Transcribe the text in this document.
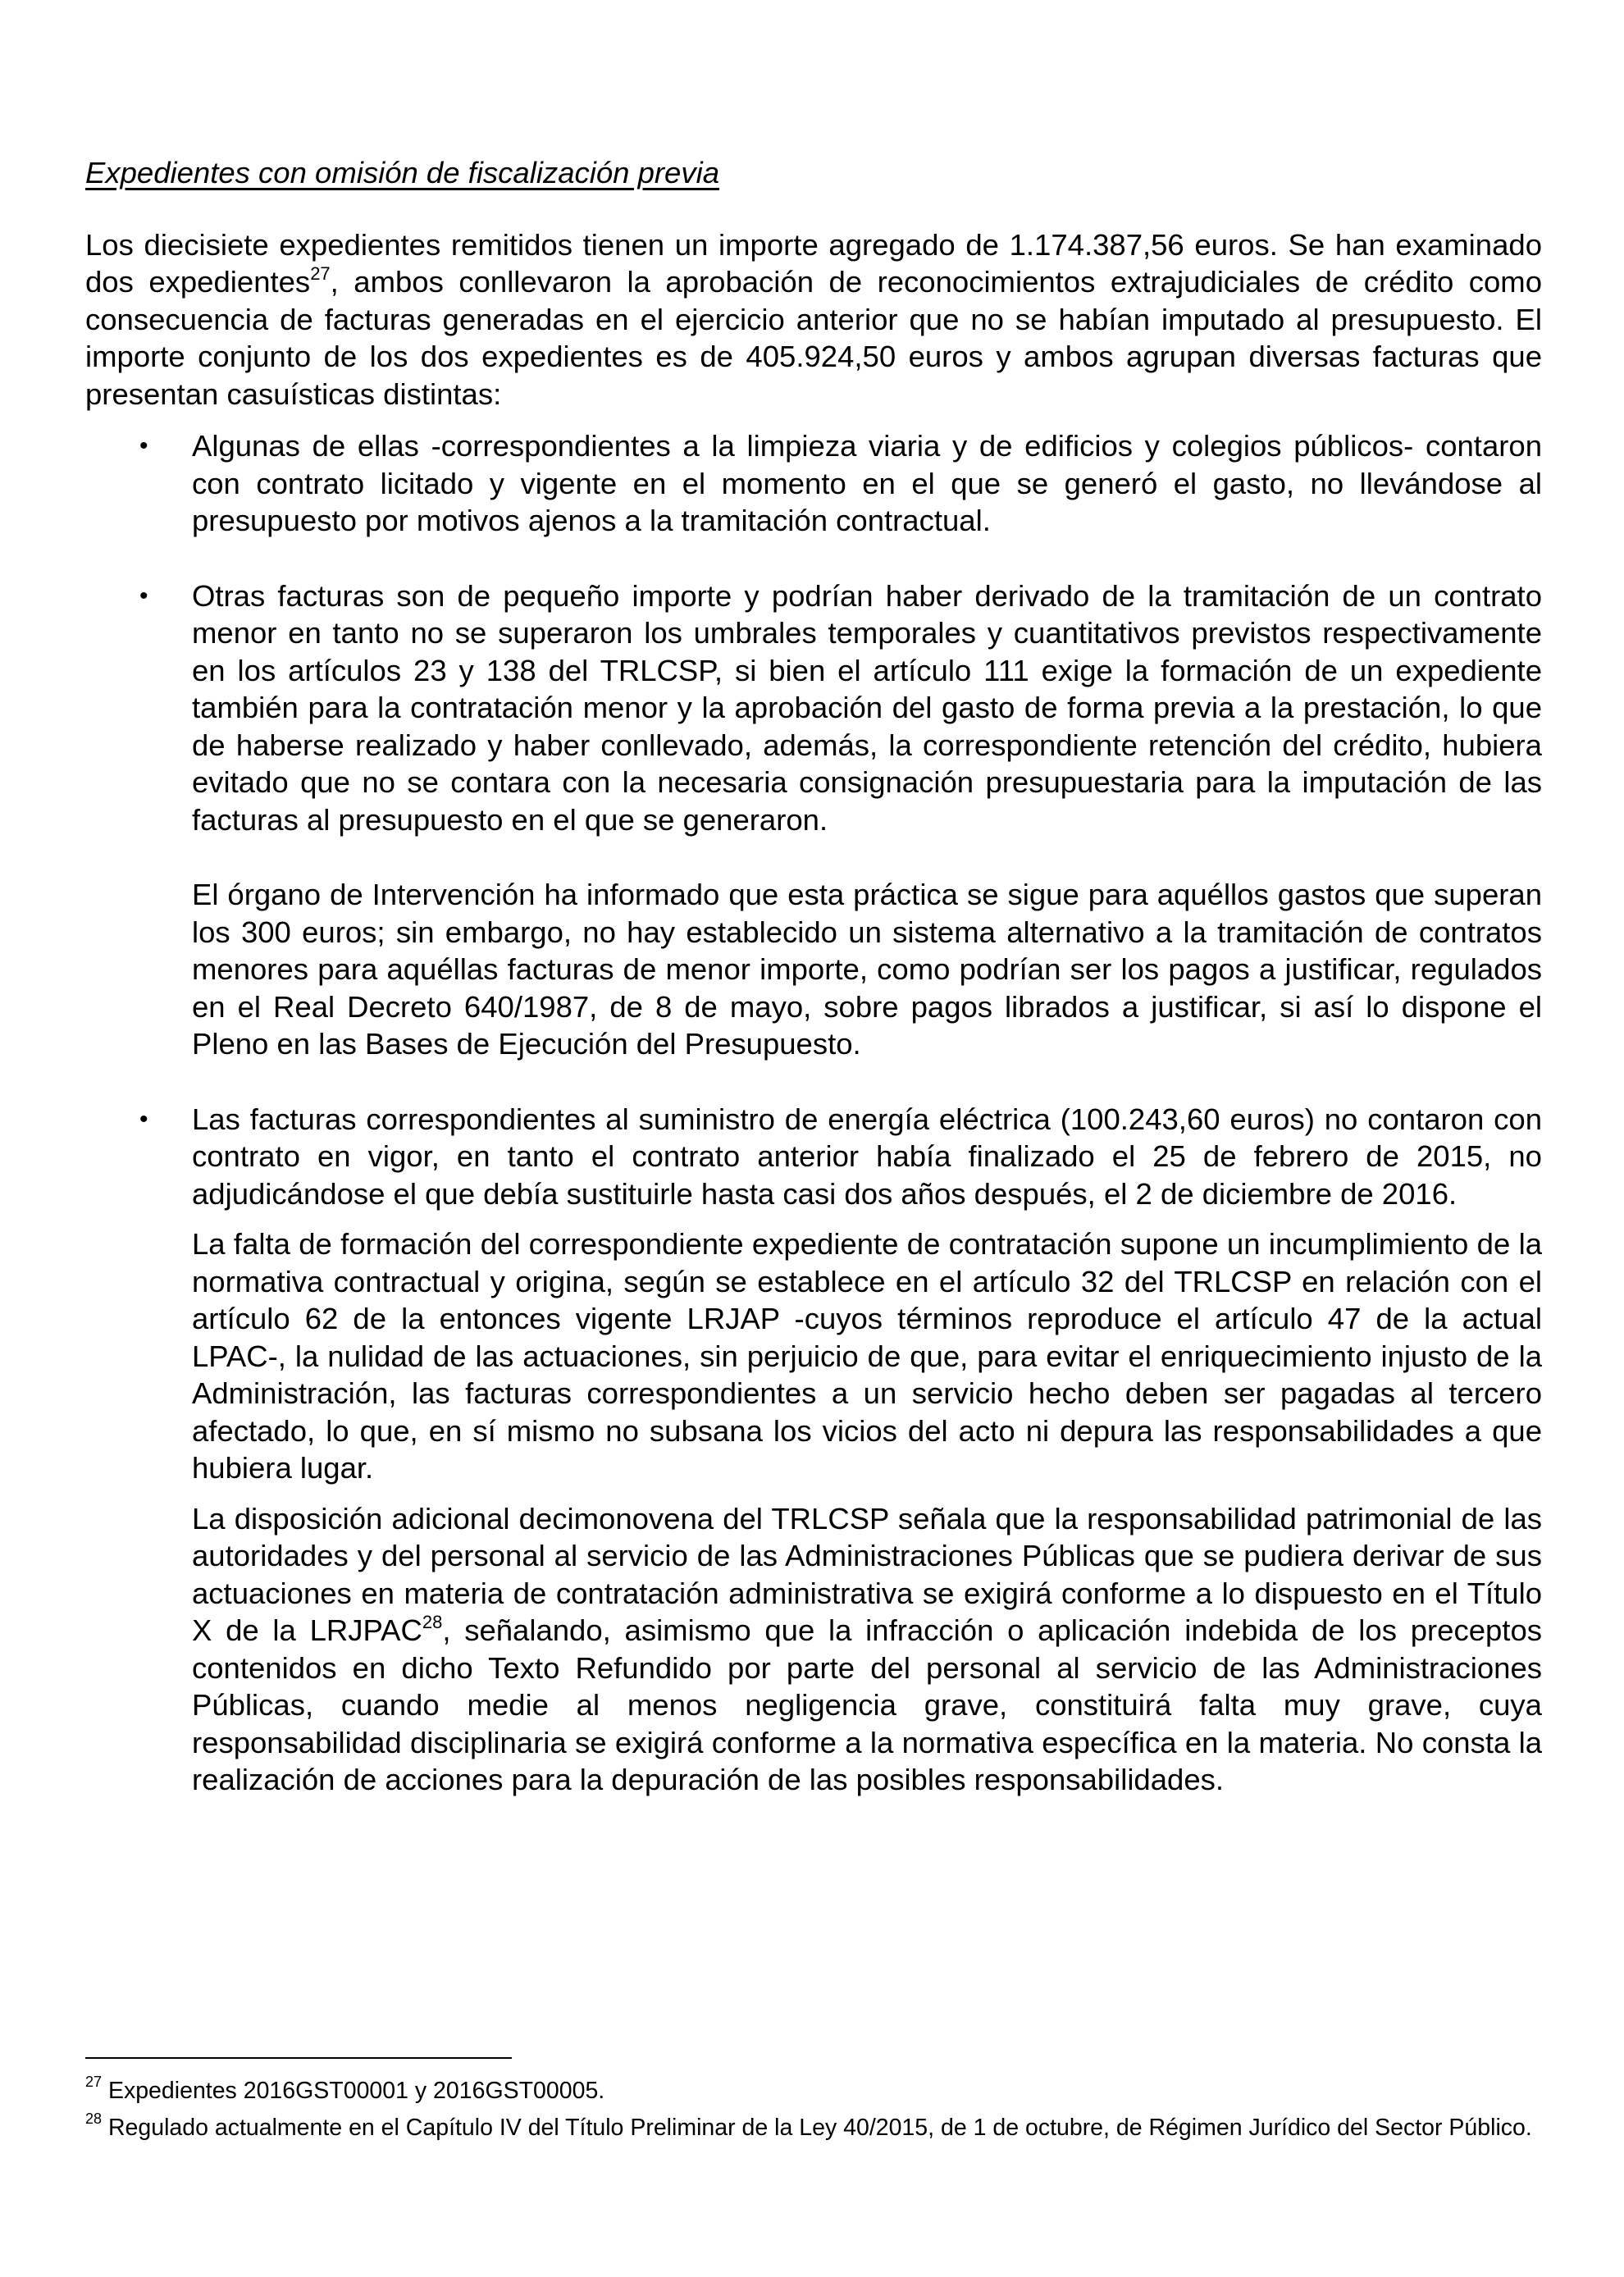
Expedientes con omisión de fiscalización previa

Los diecisiete expedientes remitidos tienen un importe agregado de 1.174.387,56 euros. Se han examinado dos expedientes$^{27}$, ambos conllevaron la aprobación de reconocimientos extrajudiciales de crédito como consecuencia de facturas generadas en el ejercicio anterior que no se habían imputado al presupuesto. El importe conjunto de los dos expedientes es de 405.924,50 euros y ambos agrupan diversas facturas que presentan casuísticas distintas:

• Algunas de ellas -correspondientes a la limpieza viaria y de edificios y colegios públicos- contaron con contrato licitado y vigente en el momento en el que se generó el gasto, no llevándose al presupuesto por motivos ajenos a la tramitación contractual.

• Otras facturas son de pequeño importe y podrían haber derivado de la tramitación de un contrato menor en tanto no se superaron los umbrales temporales y cuantitativos previstos respectivamente en los artículos 23 y 138 del TRLCSP, si bien el artículo 111 exige la formación de un expediente también para la contratación menor y la aprobación del gasto de forma previa a la prestación, lo que de haberse realizado y haber conllevado, además, la correspondiente retención del crédito, hubiera evitado que no se contara con la necesaria consignación presupuestaria para la imputación de las facturas al presupuesto en el que se generaron.

El órgano de Intervención ha informado que esta práctica se sigue para aquéllos gastos que superan los 300 euros; sin embargo, no hay establecido un sistema alternativo a la tramitación de contratos menores para aquéllas facturas de menor importe, como podrían ser los pagos a justificar, regulados en el Real Decreto 640/1987, de 8 de mayo, sobre pagos librados a justificar, si así lo dispone el Pleno en las Bases de Ejecución del Presupuesto.

• Las facturas correspondientes al suministro de energía eléctrica (100.243,60 euros) no contaron con contrato en vigor, en tanto el contrato anterior había finalizado el 25 de febrero de 2015, no adjudicándose el que debía sustituirle hasta casi dos años después, el 2 de diciembre de 2016.

La falta de formación del correspondiente expediente de contratación supone un incumplimiento de la normativa contractual y origina, según se establece en el artículo 32 del TRLCSP en relación con el artículo 62 de la entonces vigente LRJAP -cuyos términos reproduce el artículo 47 de la actual LPAC-, la nulidad de las actuaciones, sin perjuicio de que, para evitar el enriquecimiento injusto de la Administración, las facturas correspondientes a un servicio hecho deben ser pagadas al tercero afectado, lo que, en sí mismo no subsana los vicios del acto ni depura las responsabilidades a que hubiera lugar.

La disposición adicional decimonovena del TRLCSP señala que la responsabilidad patrimonial de las autoridades y del personal al servicio de las Administraciones Públicas que se pudiera derivar de sus actuaciones en materia de contratación administrativa se exigirá conforme a lo dispuesto en el Título X de la LRJPAC$^{28}$, señalando, asimismo que la infracción o aplicación indebida de los preceptos contenidos en dicho Texto Refundido por parte del personal al servicio de las Administraciones Públicas, cuando medie al menos negligencia grave, constituirá falta muy grave, cuya responsabilidad disciplinaria se exigirá conforme a la normativa específica en la materia. No consta la realización de acciones para la depuración de las posibles responsabilidades.

$^{27}$ Expedientes 2016GST00001 y 2016GST00005.

$^{28}$ Regulado actualmente en el Capítulo IV del Título Preliminar de la Ley 40/2015, de 1 de octubre, de Régimen Jurídico del Sector Público.
